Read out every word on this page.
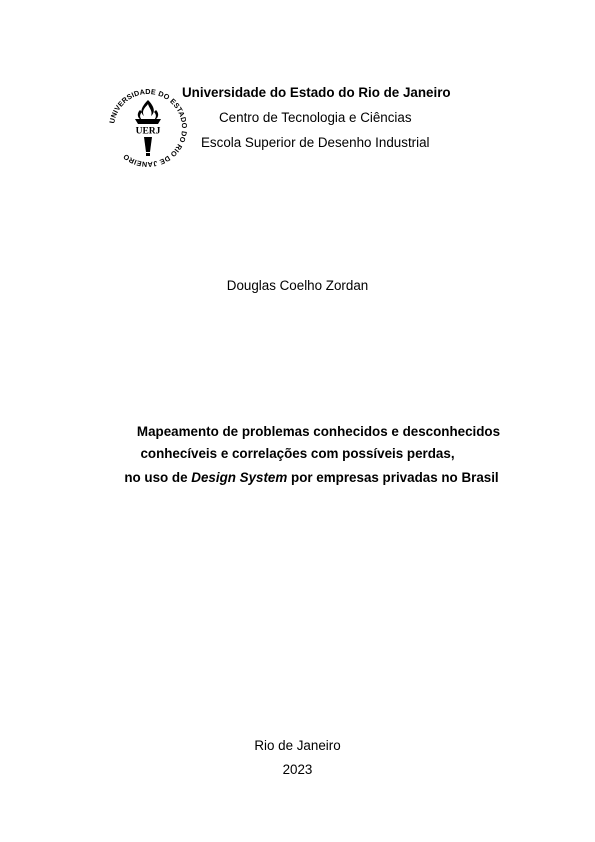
UNIVERSIDADE DO ESTADO DO RIO DE JANEIRO
UERJ
Universidade do Estado do Rio de Janeiro
Centro de Tecnologia e Ciências
Escola Superior de Desenho Industrial
Douglas Coelho Zordan
Mapeamento de problemas conhecidos e desconhecidos
conhecíveis e correlações com possíveis perdas,
no uso de Design System por empresas privadas no Brasil
Rio de Janeiro
2023
